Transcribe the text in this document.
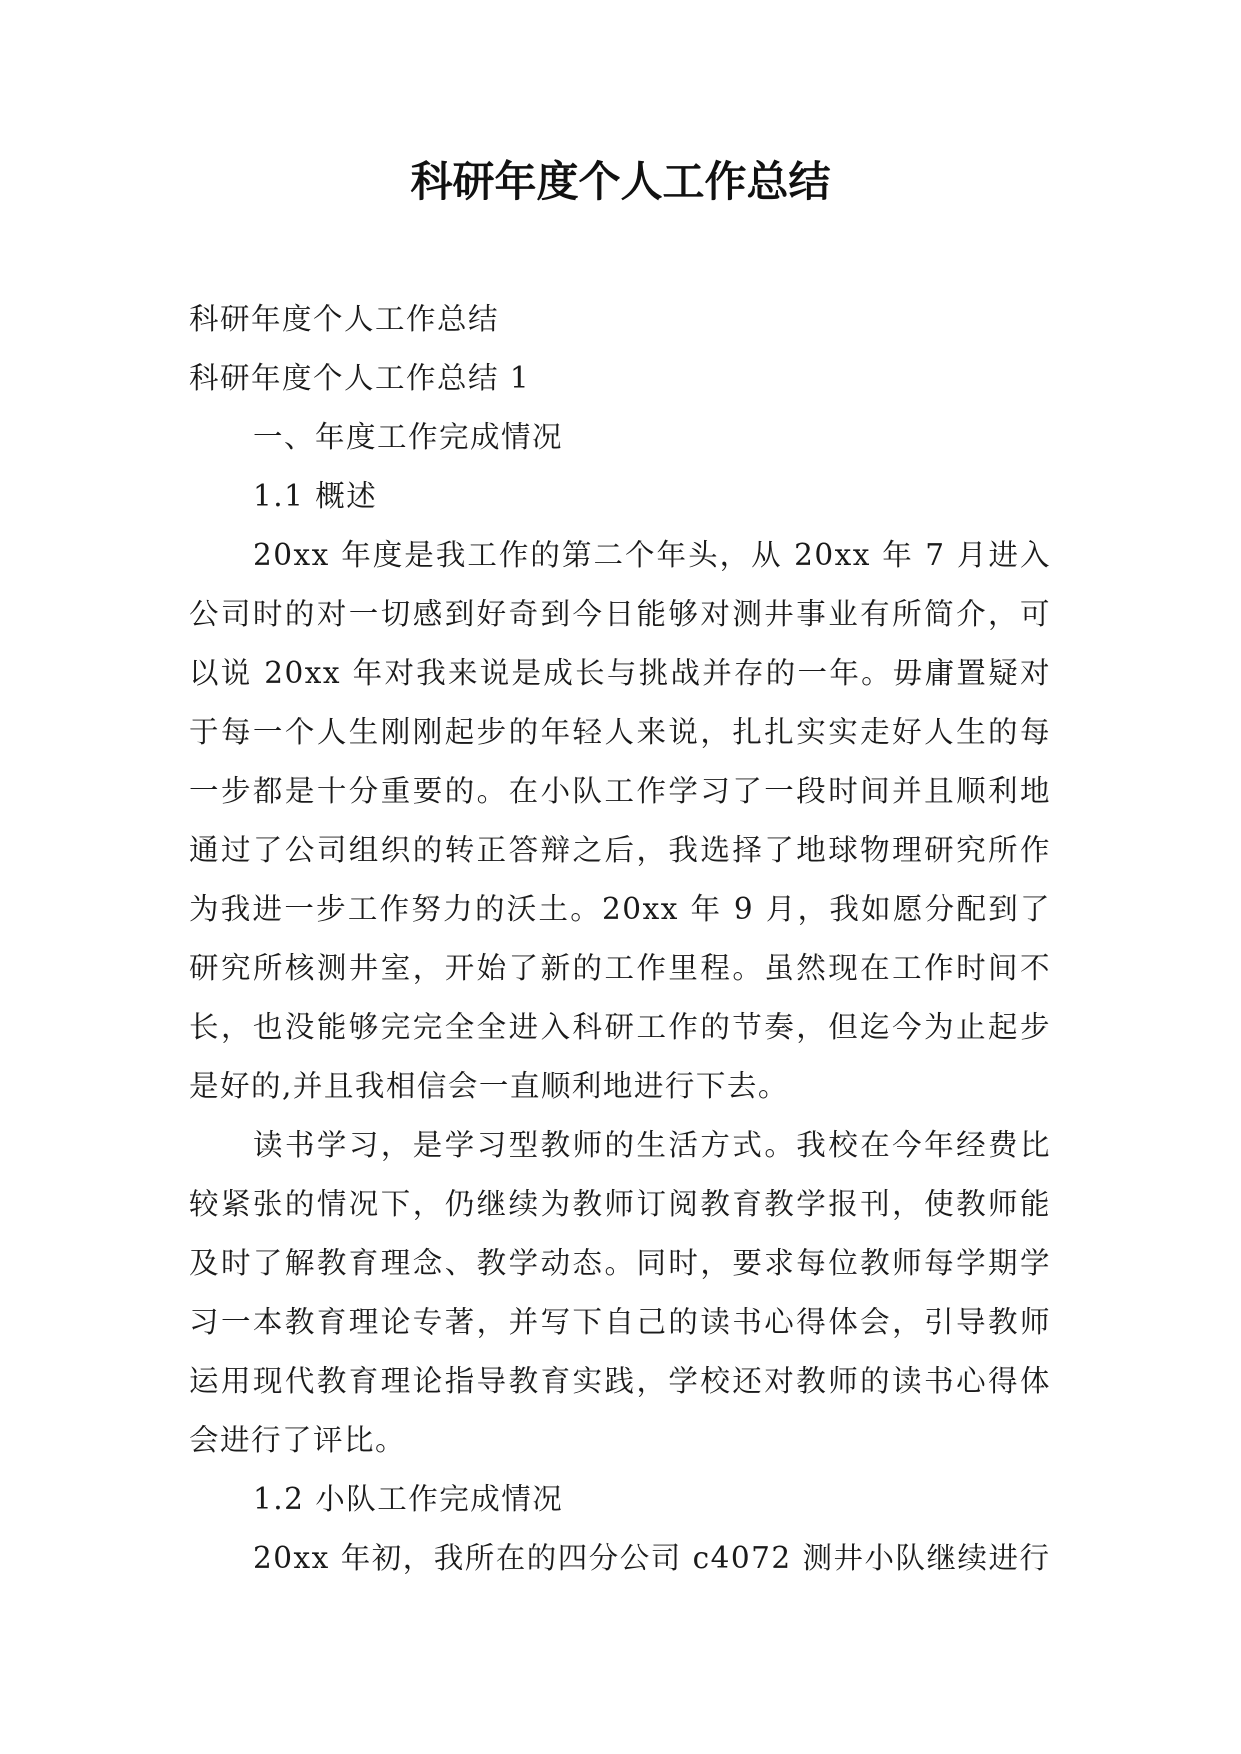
科研年度个人工作总结

科研年度个人工作总结

科研年度个人工作总结 1

一、年度工作完成情况

1.1 概述

20xx 年度是我工作的第二个年头，从 20xx 年 7 月进入公司时的对一切感到好奇到今日能够对测井事业有所简介，可以说 20xx 年对我来说是成长与挑战并存的一年。毋庸置疑对于每一个人生刚刚起步的年轻人来说，扎扎实实走好人生的每一步都是十分重要的。在小队工作学习了一段时间并且顺利地通过了公司组织的转正答辩之后，我选择了地球物理研究所作为我进一步工作努力的沃土。20xx 年 9 月，我如愿分配到了研究所核测井室，开始了新的工作里程。虽然现在工作时间不长，也没能够完完全全进入科研工作的节奏，但迄今为止起步是好的,并且我相信会一直顺利地进行下去。

读书学习，是学习型教师的生活方式。我校在今年经费比较紧张的情况下，仍继续为教师订阅教育教学报刊，使教师能及时了解教育理念、教学动态。同时，要求每位教师每学期学习一本教育理论专著，并写下自己的读书心得体会，引导教师运用现代教育理论指导教育实践，学校还对教师的读书心得体会进行了评比。

1.2 小队工作完成情况

20xx 年初，我所在的四分公司 c4072 测井小队继续进行
